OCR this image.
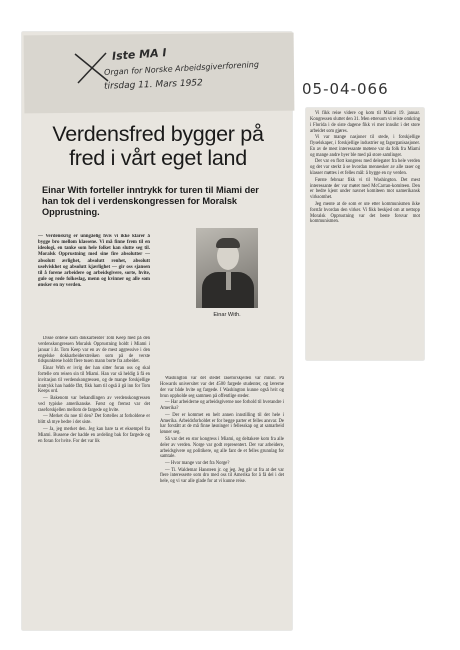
Iste MA I
Organ for Norske Arbeidsgiverforening
tirsdag 11. Mars 1952	05-04-066
Verdensfred bygger på
fred i vårt eget land

Einar With forteller inntrykk for turen til Miami der han tok del i verdenskongressen for Moralsk Opprustning.

— Verdenskrig er unngåelig hvis vi ikke klarer å bygge bro mellom klassene. Vi må finne frem til en ideologi, en tanke som hele folket kan slutte seg til. Moralsk Opprustning med sine fire absolutter — absolutt ærlighet, absolutt renhet, absolutt uselviskhet og absolutt kjærlighet — gir oss sjansen til å forene arbeidere og arbeidsgivere, sorte, hvite, gule og røde folkeslag, menn og kvinner og alle som ønsker en ny verden.

Einar With.

Disse ordene kom dokkarbeider Tom Keep med på den verdenskongressen Moralsk Opprustning holdt i Miami i januar i år. Tom Keep var en av de mest aggressive i den engelske dokkarbeiderstreiken som på de verste tidspunktene holdt flere tusen mann borte fra arbeidet.

Einar With er ivrig der han sitter foran oss og skal fortelle om reisen sin til Miami. Han var så heldig å få en invitasjon til verdenskongressen, og de mange forskjellige inntrykk han hadde fått, fikk ham til også å gå inn for Tom Keeps ord.

— Bakenom var behandlingen av verdenskongressen ved typiske amerikanske. Først og fremst var det raseforskjellen mellom de fargede og hvite.

— Merket du noe til den? Det fortelles at forholdene er blitt så mye bedre i det siste.

— Ja, jeg merket den. Jeg kan bare ta et eksempel fra Miami. Bussene der hadde en avdeling bak for fargede og en foran for hvite. For det var lik

Washington var det stedet raseforskjellen var minst. På Howards universitet var det 4500 fargede studenter, og lærerne der var både hvite og fargede. I Washington kunne også hvit og brun oppholde seg sammen på offentlige steder.

— Har arbeiderne og arbeidsgiverne noe forhold til hverandre i Amerika?

— Der er kommet en helt annen innstilling til det hele i Amerika. Arbeidsforholdet er for begge parter et felles ansvar. De har forstått at de må finne løsninger i fellesskap og at samarbeid lønner seg.

Så var det en stor kongress i Miami, og deltakere kom fra alle deler av verden. Norge var godt representert. Der var arbeidere, arbeidsgivere og politikere, og alle fant de et felles grunnlag for samtale.

— Hvor mange var det fra Norge?

— Ti. Waldemar Hansteen jr. og jeg. Jeg går ut fra at det var flere interesserte som dro med oss til Amerika for å få del i det hele, og vi var alle glade for at vi kunne reise.

Vi fikk reise videre og kom til Miami 19. januar. Kongressen sluttet den 31. Men ettersom vi reiste omkring i Florida i de siste dagene fikk vi mer innsikt i det store arbeidet som gjøres.

Vi var mange nasjoner til stede, i forskjellige flyselskaper, i forskjellige industrier og fagorganisasjoner. En av de mest interessante møtene var da folk fra Miami og mange andre byer ble med på store samlinger.

Det var en flott kongress med delegater fra hele verden og det var sterkt å se hvordan mennesker av alle raser og klasser møttes i et felles mål: å bygge en ny verden.

Første februar fikk vi til Washington. Det mest interessante der var møtet med McCarran-komiteen. Den er bedre kjent under navnet komiteen mot uamerikansk virksomhet.

Jeg mente at de som er ute etter kommunismen ikke forstår hvordan den virker. Vi fikk beskjed om at nettopp Moralsk Opprustning var det beste forsvar mot kommunismen.
